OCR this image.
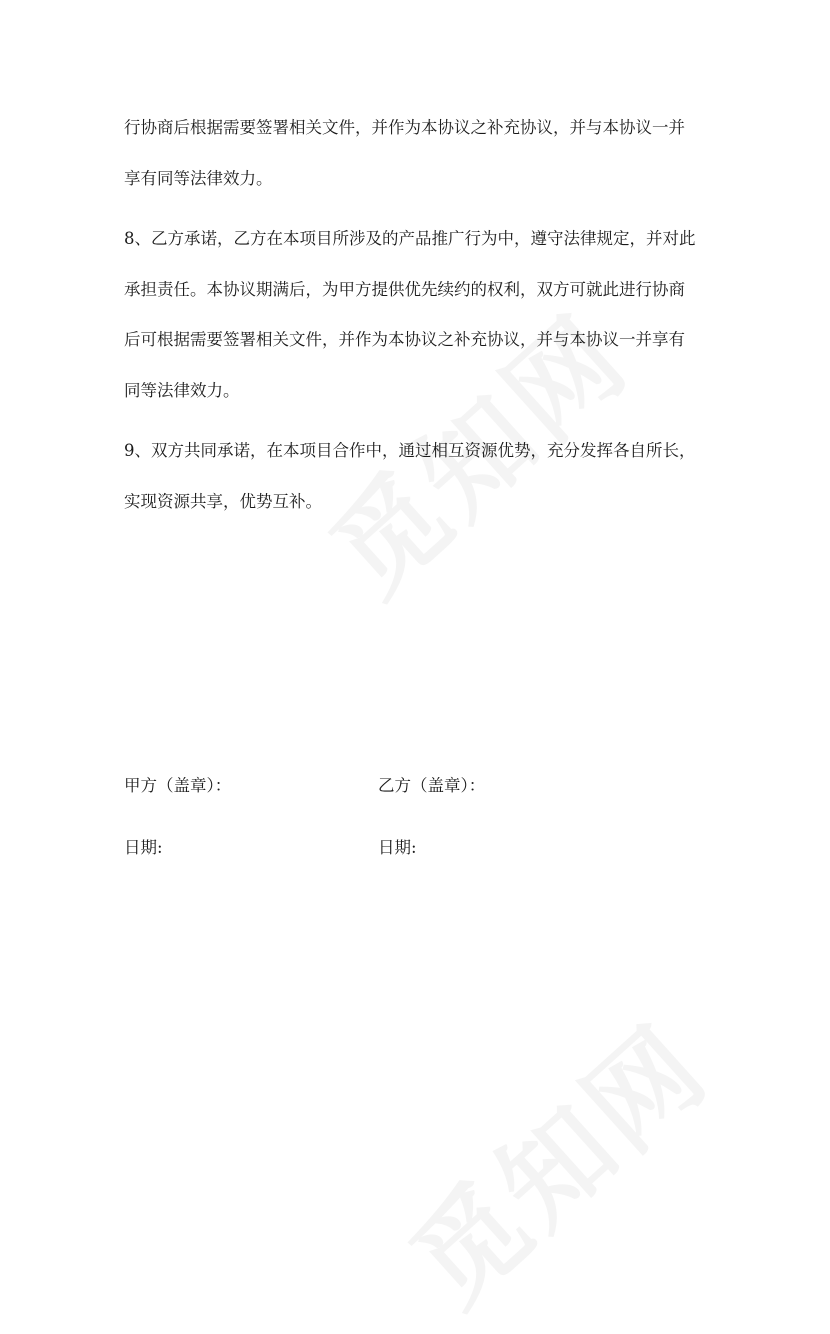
行协商后根据需要签署相关文件，并作为本协议之补充协议，并与本协议一并
享有同等法律效力。

8、乙方承诺，乙方在本项目所涉及的产品推广行为中，遵守法律规定，并对此
承担责任。本协议期满后，为甲方提供优先续约的权利，双方可就此进行协商
后可根据需要签署相关文件，并作为本协议之补充协议，并与本协议一并享有
同等法律效力。

9、双方共同承诺，在本项目合作中，通过相互资源优势，充分发挥各自所长，
实现资源共享，优势互补。

甲方（盖章）：	乙方（盖章）：
日期:	日期:
